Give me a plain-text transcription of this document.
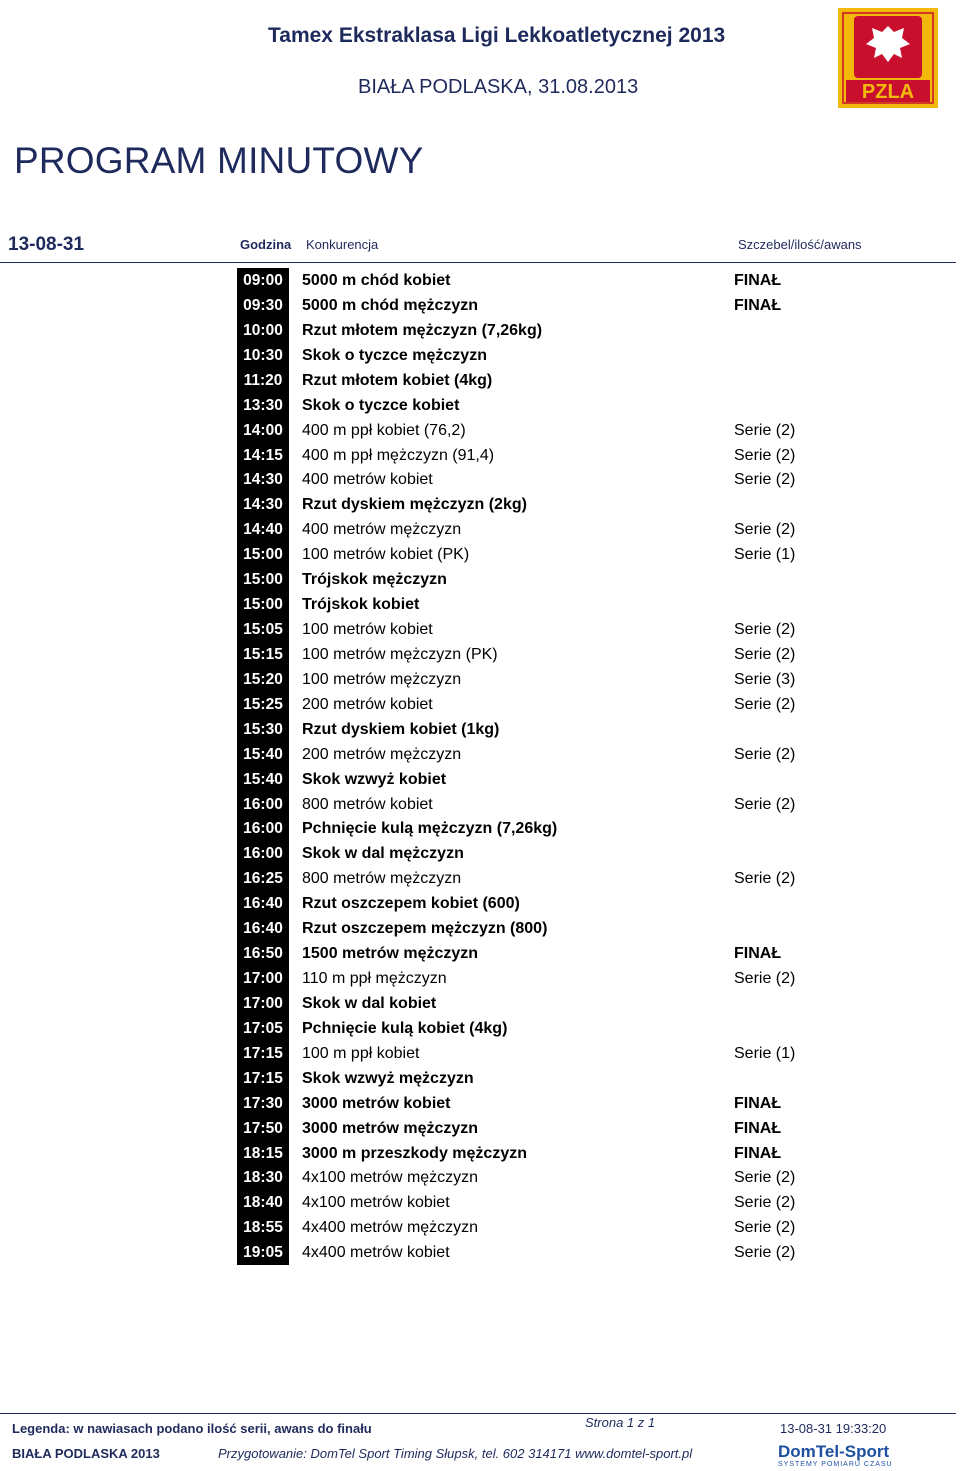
Tamex Ekstraklasa Ligi Lekkoatletycznej 2013
BIAŁA PODLASKA, 31.08.2013	PZLA
PROGRAM MINUTOWY
13-08-31	Godzina Konkurencja	Szczebel/ilość/awans
09:00	5000 m chód kobiet	FINAŁ
09:30	5000 m chód mężczyzn	FINAŁ
10:00	Rzut młotem mężczyzn (7,26kg)
10:30	Skok o tyczce mężczyzn
11:20	Rzut młotem kobiet (4kg)
13:30	Skok o tyczce kobiet
14:00	400 m ppł kobiet (76,2)	Serie (2)
14:15	400 m ppł mężczyzn (91,4)	Serie (2)
14:30	400 metrów kobiet	Serie (2)
14:30	Rzut dyskiem mężczyzn (2kg)
14:40	400 metrów mężczyzn	Serie (2)
15:00	100 metrów kobiet (PK)	Serie (1)
15:00	Trójskok mężczyzn
15:00	Trójskok kobiet
15:05	100 metrów kobiet	Serie (2)
15:15	100 metrów mężczyzn (PK)	Serie (2)
15:20	100 metrów mężczyzn	Serie (3)
15:25	200 metrów kobiet	Serie (2)
15:30	Rzut dyskiem kobiet (1kg)
15:40	200 metrów mężczyzn	Serie (2)
15:40	Skok wzwyż kobiet
16:00	800 metrów kobiet	Serie (2)
16:00	Pchnięcie kulą mężczyzn (7,26kg)
16:00	Skok w dal mężczyzn
16:25	800 metrów mężczyzn	Serie (2)
16:40	Rzut oszczepem kobiet (600)
16:40	Rzut oszczepem mężczyzn (800)
16:50	1500 metrów mężczyzn	FINAŁ
17:00	110 m ppł mężczyzn	Serie (2)
17:00	Skok w dal kobiet
17:05	Pchnięcie kulą kobiet (4kg)
17:15	100 m ppł kobiet	Serie (1)
17:15	Skok wzwyż mężczyzn
17:30	3000 metrów kobiet	FINAŁ
17:50	3000 metrów mężczyzn	FINAŁ
18:15	3000 m przeszkody mężczyzn	FINAŁ
18:30	4x100 metrów mężczyzn	Serie (2)
18:40	4x100 metrów kobiet	Serie (2)
18:55	4x400 metrów mężczyzn	Serie (2)
19:05	4x400 metrów kobiet	Serie (2)
Legenda: w nawiasach podano ilość serii, awans do finału	Strona 1 z 1	13-08-31 19:33:20
BIAŁA PODLASKA 2013	Przygotowanie: DomTel Sport Timing Słupsk, tel. 602 314171 www.domtel-sport.pl	DomTel-Sport
SYSTEMY POMIARU CZASU
